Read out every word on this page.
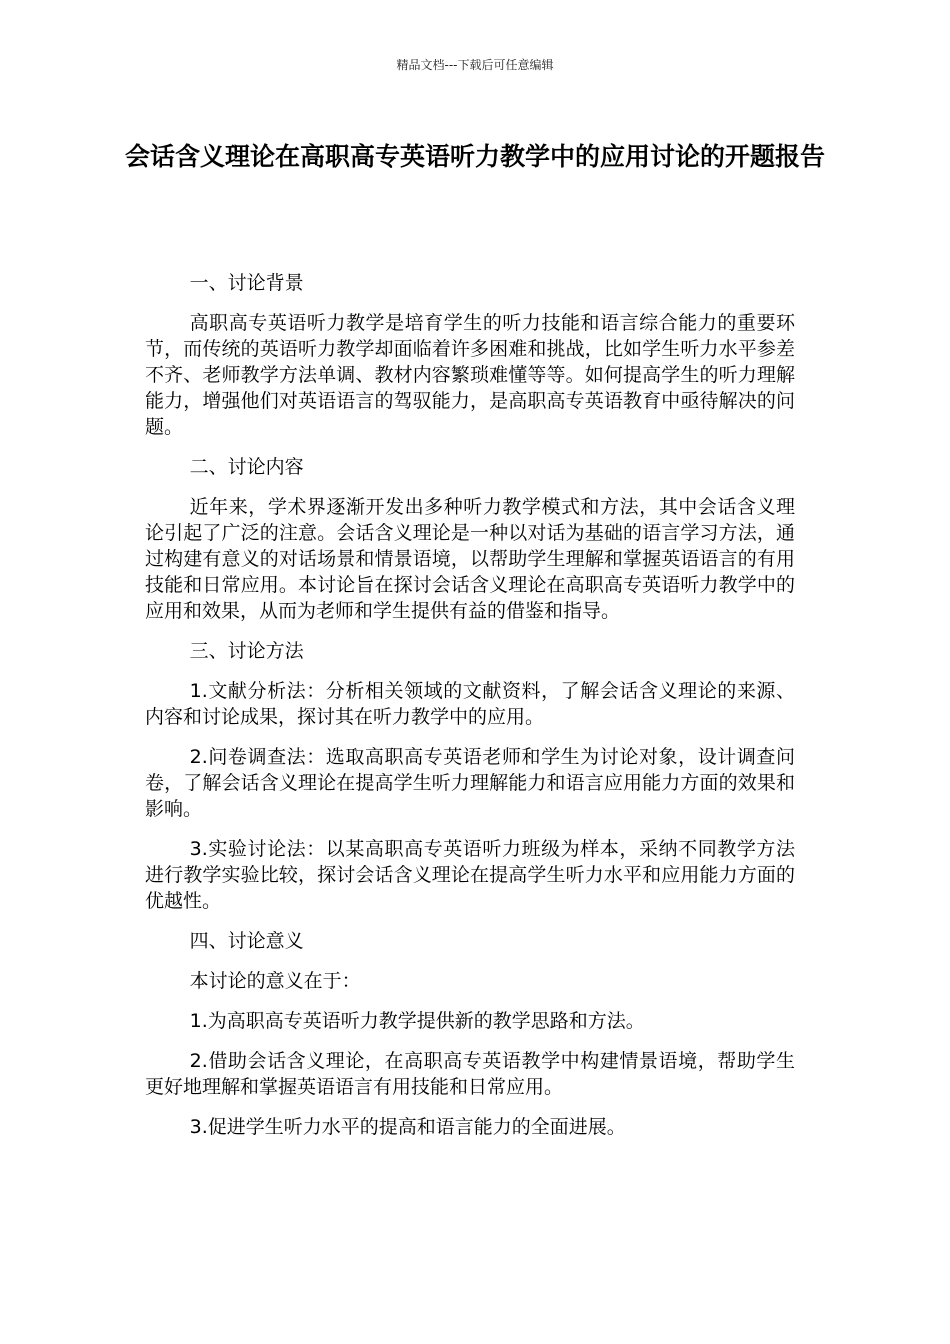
精品文档---下载后可任意编辑
会话含义理论在高职高专英语听力教学中的应用讨论的开题报告

一、讨论背景

高职高专英语听力教学是培育学生的听力技能和语言综合能力的重要环节，而传统的英语听力教学却面临着许多困难和挑战，比如学生听力水平参差不齐、老师教学方法单调、教材内容繁琐难懂等等。如何提高学生的听力理解能力，增强他们对英语语言的驾驭能力，是高职高专英语教育中亟待解决的问题。

二、讨论内容

近年来，学术界逐渐开发出多种听力教学模式和方法，其中会话含义理论引起了广泛的注意。会话含义理论是一种以对话为基础的语言学习方法，通过构建有意义的对话场景和情景语境，以帮助学生理解和掌握英语语言的有用技能和日常应用。本讨论旨在探讨会话含义理论在高职高专英语听力教学中的应用和效果，从而为老师和学生提供有益的借鉴和指导。

三、讨论方法

1.文献分析法：分析相关领域的文献资料，了解会话含义理论的来源、内容和讨论成果，探讨其在听力教学中的应用。

2.问卷调查法：选取高职高专英语老师和学生为讨论对象，设计调查问卷，了解会话含义理论在提高学生听力理解能力和语言应用能力方面的效果和影响。

3.实验讨论法：以某高职高专英语听力班级为样本，采纳不同教学方法进行教学实验比较，探讨会话含义理论在提高学生听力水平和应用能力方面的优越性。

四、讨论意义

本讨论的意义在于：

1.为高职高专英语听力教学提供新的教学思路和方法。

2.借助会话含义理论，在高职高专英语教学中构建情景语境，帮助学生更好地理解和掌握英语语言有用技能和日常应用。

3.促进学生听力水平的提高和语言能力的全面进展。
